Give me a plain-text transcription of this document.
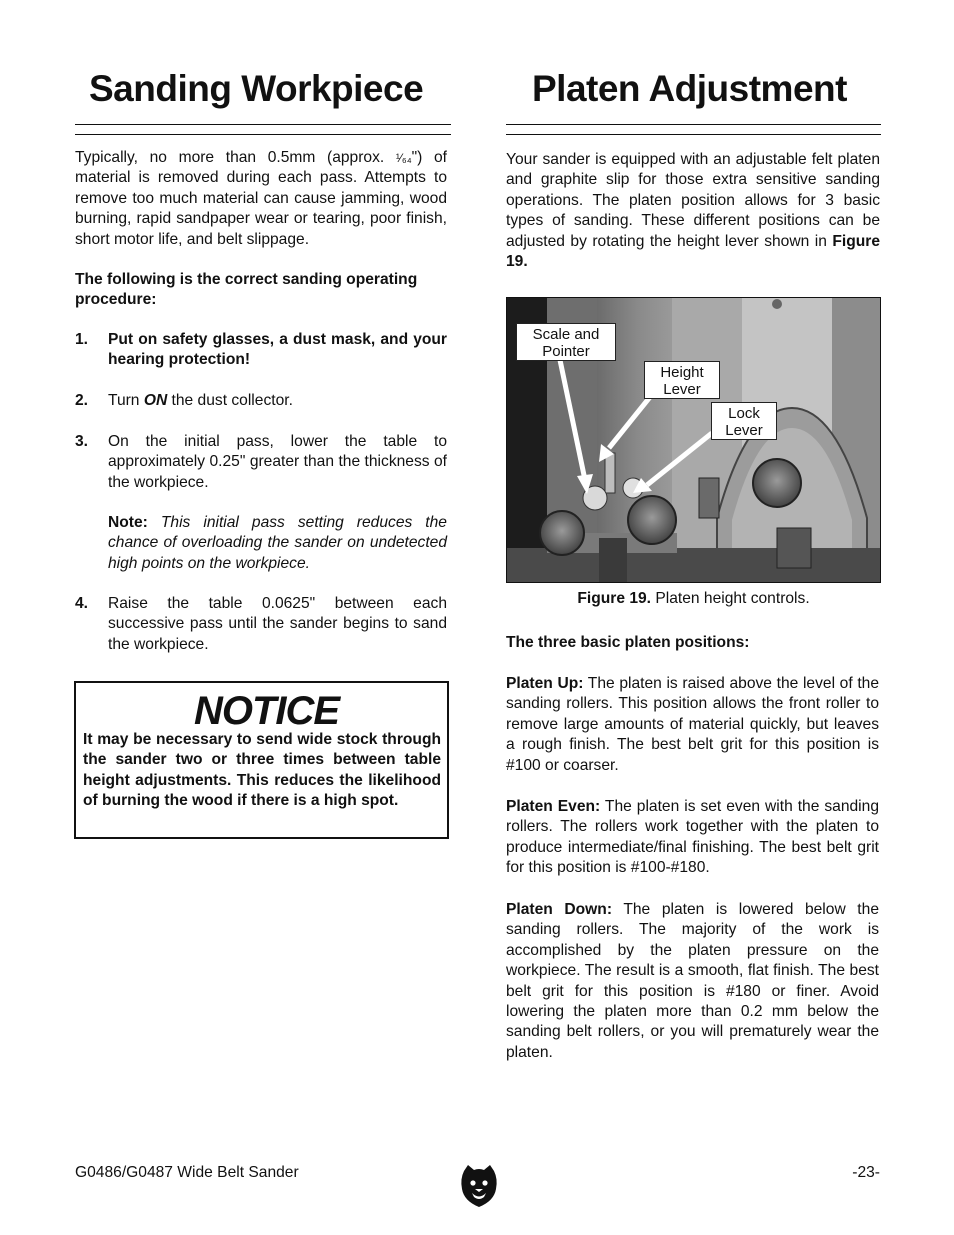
Sanding Workpiece

Typically, no more than 0.5mm (approx. ¹⁄₆₄") of material is removed during each pass. Attempts to remove too much material can cause jamming, wood burning, rapid sandpaper wear or tearing, poor finish, short motor life, and belt slippage.

The following is the correct sanding operating procedure:

1. Put on safety glasses, a dust mask, and your hearing protection!
2. Turn ON the dust collector.
3. On the initial pass, lower the table to approximately 0.25" greater than the thickness of the workpiece.
Note: This initial pass setting reduces the chance of overloading the sander on undetected high points on the workpiece.
4. Raise the table 0.0625" between each successive pass until the sander begins to sand the workpiece.
NOTICE
It may be necessary to send wide stock through the sander two or three times between table height adjustments. This reduces the likelihood of burning the wood if there is a high spot.
Platen Adjustment

Your sander is equipped with an adjustable felt platen and graphite slip for those extra sensitive sanding operations. The platen position allows for 3 basic types of sanding. These different positions can be adjusted by rotating the height lever shown in Figure 19.

The three basic platen positions:

Platen Up: The platen is raised above the level of the sanding rollers. This position allows the front roller to remove large amounts of material quickly, but leaves a rough finish. The best belt grit for this position is #100 or coarser.

Platen Even: The platen is set even with the sanding rollers. The rollers work together with the platen to produce intermediate/final finishing. The best belt grit for this position is #100-#180.

Platen Down: The platen is lowered below the sanding rollers. The majority of the work is accomplished by the platen pressure on the workpiece. The result is a smooth, flat finish. The best belt grit for this position is #180 or finer. Avoid lowering the platen more than 0.2 mm below the sanding belt rollers, or you will prematurely wear the platen.

Scale and Pointer
Height Lever
Lock Lever
Figure 19. Platen height controls.
G0486/G0487 Wide Belt Sander	-23-
